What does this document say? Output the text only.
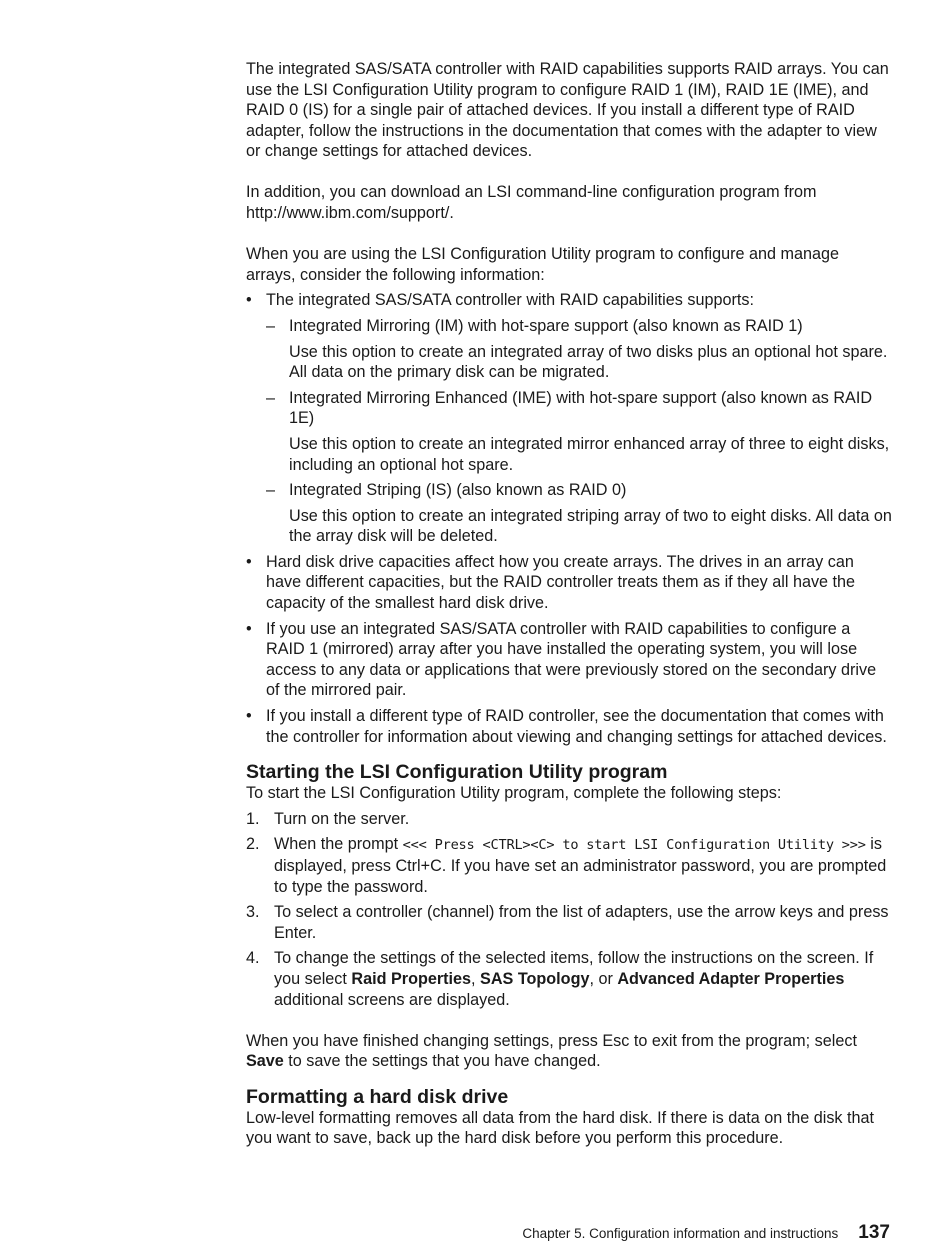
The integrated SAS/SATA controller with RAID capabilities supports RAID arrays. You can use the LSI Configuration Utility program to configure RAID 1 (IM), RAID 1E (IME), and RAID 0 (IS) for a single pair of attached devices. If you install a different type of RAID adapter, follow the instructions in the documentation that comes with the adapter to view or change settings for attached devices.

In addition, you can download an LSI command-line configuration program from http://www.ibm.com/support/.

When you are using the LSI Configuration Utility program to configure and manage arrays, consider the following information:

• The integrated SAS/SATA controller with RAID capabilities supports:
– Integrated Mirroring (IM) with hot-spare support (also known as RAID 1)

Use this option to create an integrated array of two disks plus an optional hot spare. All data on the primary disk can be migrated.

– Integrated Mirroring Enhanced (IME) with hot-spare support (also known as RAID 1E)

Use this option to create an integrated mirror enhanced array of three to eight disks, including an optional hot spare.

– Integrated Striping (IS) (also known as RAID 0)

Use this option to create an integrated striping array of two to eight disks. All data on the array disk will be deleted.

• Hard disk drive capacities affect how you create arrays. The drives in an array can have different capacities, but the RAID controller treats them as if they all have the capacity of the smallest hard disk drive.
• If you use an integrated SAS/SATA controller with RAID capabilities to configure a RAID 1 (mirrored) array after you have installed the operating system, you will lose access to any data or applications that were previously stored on the secondary drive of the mirrored pair.
• If you install a different type of RAID controller, see the documentation that comes with the controller for information about viewing and changing settings for attached devices.
Starting the LSI Configuration Utility program

To start the LSI Configuration Utility program, complete the following steps:

1. Turn on the server.
2. When the prompt <<< Press <CTRL><C> to start LSI Configuration Utility >>> is displayed, press Ctrl+C. If you have set an administrator password, you are prompted to type the password.
3. To select a controller (channel) from the list of adapters, use the arrow keys and press Enter.
4. To change the settings of the selected items, follow the instructions on the screen. If you select Raid Properties, SAS Topology, or Advanced Adapter Properties additional screens are displayed.

When you have finished changing settings, press Esc to exit from the program; select Save to save the settings that you have changed.

Formatting a hard disk drive

Low-level formatting removes all data from the hard disk. If there is data on the disk that you want to save, back up the hard disk before you perform this procedure.

Chapter 5. Configuration information and instructions 137
